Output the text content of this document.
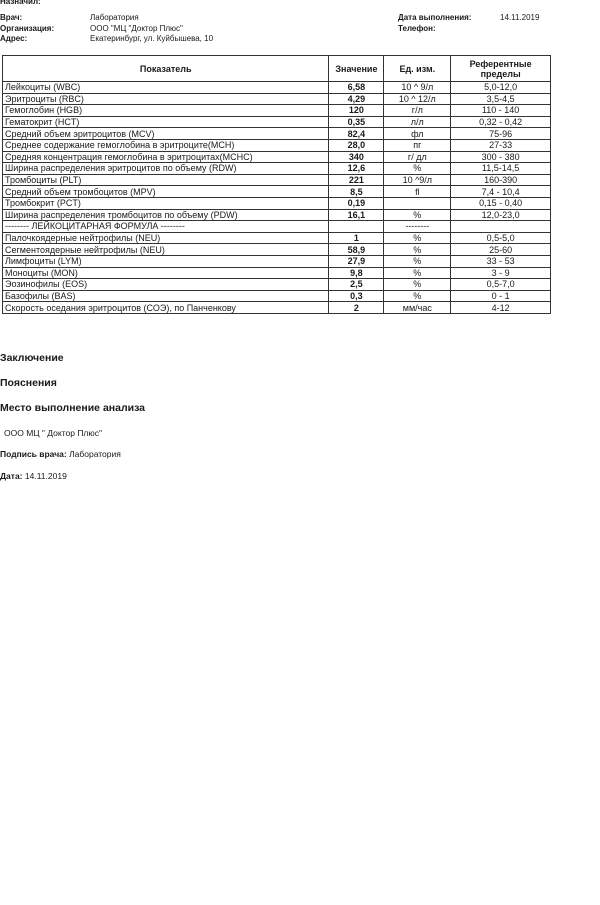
Назначил:
Врач:	Лаборатория
Организация:	ООО "МЦ "Доктор Плюс"
Адрес:	Екатеринбург, ул. Куйбышева, 10
Дата выполнения:	14.11.2019
Телефон:
Показатель	Значение	Ед. изм.	Референтные пределы
Лейкоциты (WBC)	6,58	10 ^ 9/л	5,0-12,0
Эритроциты (RBC)	4,29	10 ^ 12/л	3,5-4,5
Гемоглобин (HGB)	120	г/л	110 - 140
Гематокрит (HCT)	0,35	л/л	0,32 - 0,42
Средний объем эритроцитов (MCV)	82,4	фл	75-96
Среднее содержание гемоглобина в эритроците(MCH)	28,0	пг	27-33
Средняя концентрация гемоглобина в эритроцитах(MCHC)	340	г/ дл	300 - 380
Ширина распределения эритроцитов по объему (RDW)	12,6	%	11,5-14,5
Тромбоциты (PLT)	221	10 ^9/л	160-390
Средний объем тромбоцитов (MPV)	8,5	fl	7,4 - 10,4
Тромбокрит (PCT)	0,19		0,15 - 0,40
Ширина распределения тромбоцитов по объему (PDW)	16,1	%	12,0-23,0
-------- ЛЕЙКОЦИТАРНАЯ ФОРМУЛА --------		--------	
Палочкоядерные нейтрофилы (NEU)	1	%	0,5-5,0
Сегментоядерные нейтрофилы (NEU)	58,9	%	25-60
Лимфоциты (LYM)	27,9	%	33 - 53
Моноциты (MON)	9,8	%	3 - 9
Эозинофилы (EOS)	2,5	%	0,5-7,0
Базофилы (BAS)	0,3	%	0 - 1
Скорость оседания эритроцитов (СОЭ), по Панченкову	2	мм/час	4-12
Заключение
Пояснения
Место выполнение анализа
ООО МЦ " Доктор Плюс"
Подпись врача: Лаборатория
Дата: 14.11.2019
